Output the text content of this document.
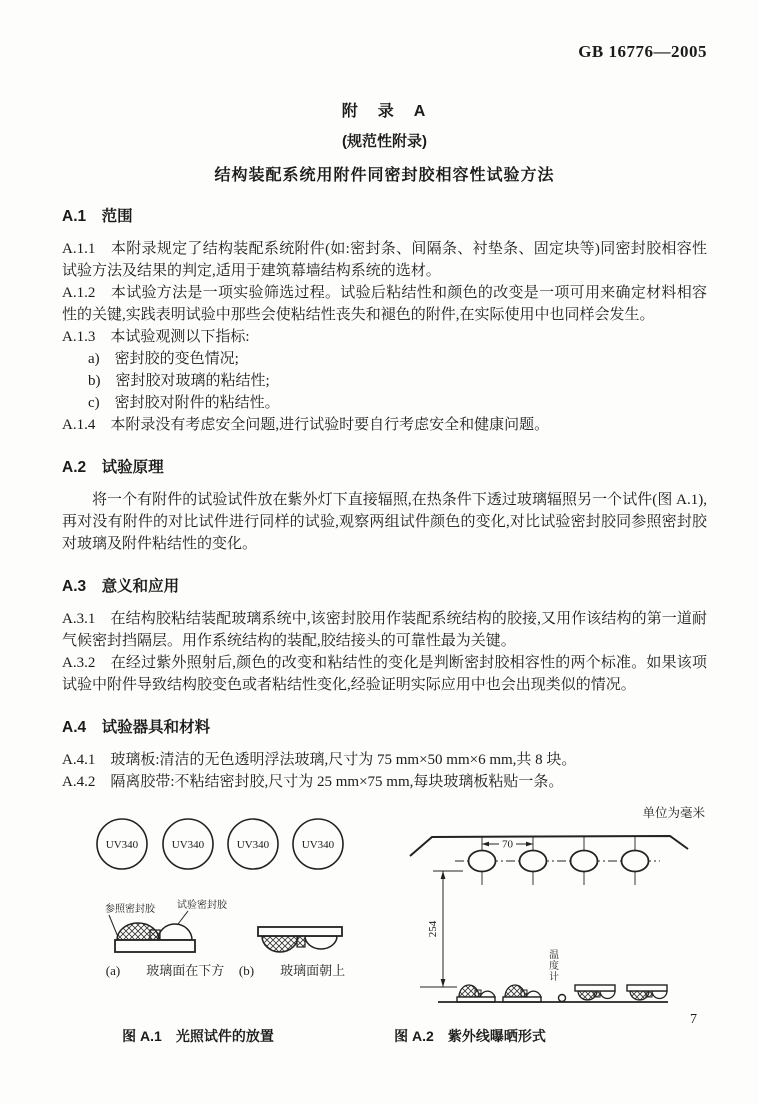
GB 16776—2005
附　录　A
(规范性附录)
结构装配系统用附件同密封胶相容性试验方法
A.1　范围

A.1.1　本附录规定了结构装配系统附件(如:密封条、间隔条、衬垫条、固定块等)同密封胶相容性试验方法及结果的判定,适用于建筑幕墙结构系统的选材。

A.1.2　本试验方法是一项实验筛选过程。试验后粘结性和颜色的改变是一项可用来确定材料相容性的关键,实践表明试验中那些会使粘结性丧失和褪色的附件,在实际使用中也同样会发生。

A.1.3　本试验观测以下指标:

a)　密封胶的变色情况;
b)　密封胶对玻璃的粘结性;
c)　密封胶对附件的粘结性。

A.1.4　本附录没有考虑安全问题,进行试验时要自行考虑安全和健康问题。

A.2　试验原理

将一个有附件的试验试件放在紫外灯下直接辐照,在热条件下透过玻璃辐照另一个试件(图 A.1),再对没有附件的对比试件进行同样的试验,观察两组试件颜色的变化,对比试验密封胶同参照密封胶对玻璃及附件粘结性的变化。

A.3　意义和应用

A.3.1　在结构胶粘结装配玻璃系统中,该密封胶用作装配系统结构的胶接,又用作该结构的第一道耐气候密封挡隔层。用作系统结构的装配,胶结接头的可靠性最为关键。

A.3.2　在经过紫外照射后,颜色的改变和粘结性的变化是判断密封胶相容性的两个标准。如果该项试验中附件导致结构胶变色或者粘结性变化,经验证明实际应用中也会出现类似的情况。

A.4　试验器具和材料

A.4.1　玻璃板:清洁的无色透明浮法玻璃,尺寸为 75 mm×50 mm×6 mm,共 8 块。

A.4.2　隔离胶带:不粘结密封胶,尺寸为 25 mm×75 mm,每块玻璃板粘贴一条。

单位为毫米
UV340	UV340	UV340	UV340
参照密封胶 试验密封胶
(a)　　玻璃面在下方 (b)　　玻璃面朝上
70
254
温
度
计
图 A.1　光照试件的放置	图 A.2　紫外线曝晒形式
7
